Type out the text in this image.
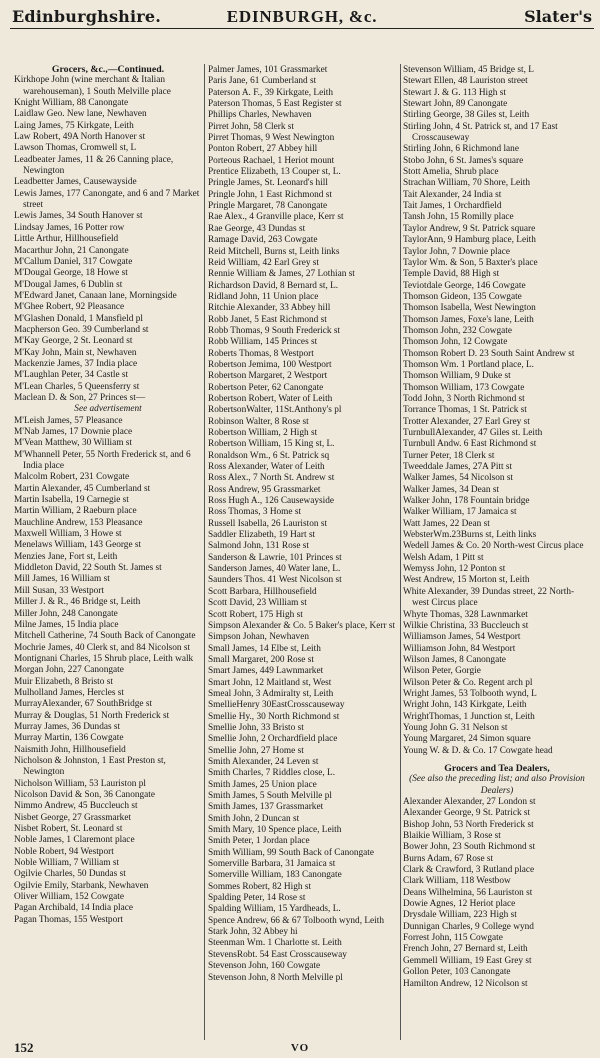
Edinburghshire.	EDINBURGH, &c.	Slater's
Grocers, &c.,—Continued.
Kirkhope John (wine merchant & Italian warehouseman), 1 South Melville place
Knight William, 88 Canongate
Laidlaw Geo. New lane, Newhaven
Laing James, 75 Kirkgate, Leith
Law Robert, 49A North Hanover st
Lawson Thomas, Cromwell st, L
Leadbeater James, 11 & 26 Canning place, Newington
Leadbetter James, Causewayside
Lewis James, 177 Canongate, and 6 and 7 Market street
Lewis James, 34 South Hanover st
Lindsay James, 16 Potter row
Little Arthur, Hillhousefield
Macarthur John, 21 Canongate
M'Callum Daniel, 317 Cowgate
M'Dougal George, 18 Howe st
M'Dougal James, 6 Dublin st
M'Edward Janet, Canaan lane, Morningside
M'Ghee Robert, 92 Pleasance
M'Glashen Donald, 1 Mansfield pl
Macpherson Geo. 39 Cumberland st
M'Kay George, 2 St. Leonard st
M'Kay John, Main st, Newhaven
Mackenzie James, 37 India place
M'Laughlan Peter, 34 Castle st
M'Lean Charles, 5 Queensferry st
Maclean D. & Son, 27 Princes st—
See advertisement
M'Leish James, 57 Pleasance
M'Nab James, 17 Downie place
M'Vean Matthew, 30 William st
M'Whannell Peter, 55 North Frederick st, and 6 India place
Malcolm Robert, 231 Cowgate
Martin Alexander, 45 Cumberland st
Martin Isabella, 19 Carnegie st
Martin William, 2 Raeburn place
Mauchline Andrew, 153 Pleasance
Maxwell William, 3 Howe st
Menelaws William, 143 George st
Menzies Jane, Fort st, Leith
Middleton David, 22 South St. James st
Mill James, 16 William st
Mill Susan, 33 Westport
Miller J. & R., 46 Bridge st, Leith
Miller John, 248 Canongate
Milne James, 15 India place
Mitchell Catherine, 74 South Back of Canongate
Mochrie James, 40 Clerk st, and 84 Nicolson st
Montignani Charles, 15 Shrub place, Leith walk
Morgan John, 227 Canongate
Muir Elizabeth, 8 Bristo st
Mulholland James, Hercles st
MurrayAlexander, 67 SouthBridge st
Murray & Douglas, 51 North Frederick st
Murray James, 36 Dundas st
Murray Martin, 136 Cowgate
Naismith John, Hillhousefield
Nicholson & Johnston, 1 East Preston st, Newington
Nicholson William, 53 Lauriston pl
Nicolson David & Son, 36 Canongate
Nimmo Andrew, 45 Buccleuch st
Nisbet George, 27 Grassmarket
Nisbet Robert, St. Leonard st
Noble James, 1 Claremont place
Noble Robert, 94 Westport
Noble William, 7 William st
Ogilvie Charles, 50 Dundas st
Ogilvie Emily, Starbank, Newhaven
Oliver William, 152 Cowgate
Pagan Archibald, 14 India place
Pagan Thomas, 155 Westport
Palmer James, 101 Grassmarket
Paris Jane, 61 Cumberland st
Paterson A. F., 39 Kirkgate, Leith
Paterson Thomas, 5 East Register st
Phillips Charles, Newhaven
Pirret John, 58 Clerk st
Pirret Thomas, 9 West Newington
Ponton Robert, 27 Abbey hill
Porteous Rachael, 1 Heriot mount
Prentice Elizabeth, 13 Couper st, L.
Pringle James, St. Leonard's hill
Pringle John, 1 East Richmond st
Pringle Margaret, 78 Canongate
Rae Alex., 4 Granville place, Kerr st
Rae George, 43 Dundas st
Ramage David, 263 Cowgate
Reid Mitchell, Burns st, Leith links
Reid William, 42 Earl Grey st
Rennie William & James, 27 Lothian st
Richardson David, 8 Bernard st, L.
Ridland John, 11 Union place
Ritchie Alexander, 33 Abbey hill
Robb Janet, 5 East Richmond st
Robb Thomas, 9 South Frederick st
Robb William, 145 Princes st
Roberts Thomas, 8 Westport
Robertson Jemima, 100 Westport
Robertson Margaret, 2 Westport
Robertson Peter, 62 Canongate
Robertson Robert, Water of Leith
RobertsonWalter, 11St.Anthony's pl
Robinson Walter, 8 Rose st
Robertson William, 2 High st
Robertson William, 15 King st, L.
Ronaldson Wm., 6 St. Patrick sq
Ross Alexander, Water of Leith
Ross Alex., 7 North St. Andrew st
Ross Andrew, 95 Grassmarket
Ross Hugh A., 126 Causewayside
Ross Thomas, 3 Home st
Russell Isabella, 26 Lauriston st
Saddler Elizabeth, 19 Hart st
Salmond John, 131 Rose st
Sanderson & Lawrie, 101 Princes st
Sanderson James, 40 Water lane, L.
Saunders Thos. 41 West Nicolson st
Scott Barbara, Hillhousefield
Scott David, 23 William st
Scott Robert, 175 High st
Simpson Alexander & Co. 5 Baker's place, Kerr st
Simpson Johan, Newhaven
Small James, 14 Elbe st, Leith
Small Margaret, 200 Rose st
Smart James, 449 Lawnmarket
Smart John, 12 Maitland st, West
Smeal John, 3 Admiralty st, Leith
SmellieHenry 30EastCrosscauseway
Smellie Hy., 30 North Richmond st
Smellie John, 33 Bristo st
Smellie John, 2 Orchardfield place
Smellie John, 27 Home st
Smith Alexander, 24 Leven st
Smith Charles, 7 Riddles close, L.
Smith James, 25 Union place
Smith James, 5 South Melville pl
Smith James, 137 Grassmarket
Smith John, 2 Duncan st
Smith Mary, 10 Spence place, Leith
Smith Peter, 1 Jordan place
Smith William, 99 South Back of Canongate
Somerville Barbara, 31 Jamaica st
Somerville William, 183 Canongate
Sommes Robert, 82 High st
Spalding Peter, 14 Rose st
Spalding William, 15 Yardheads, L.
Spence Andrew, 66 & 67 Tolbooth wynd, Leith
Stark John, 32 Abbey hi
Steenman Wm. 1 Charlotte st. Leith
StevensRobt. 54 East Crosscauseway
Stevenson John, 160 Cowgate
Stevenson John, 8 North Melville pl
Stevenson William, 45 Bridge st, L
Stewart Ellen, 48 Lauriston street
Stewart J. & G. 113 High st
Stewart John, 89 Canongate
Stirling George, 38 Giles st, Leith
Stirling John, 4 St. Patrick st, and 17 East Crosscauseway
Stirling John, 6 Richmond lane
Stobo John, 6 St. James's square
Stott Amelia, Shrub place
Strachan William, 70 Shore, Leith
Tait Alexander, 24 India st
Tait James, 1 Orchardfield
Tansh John, 15 Romilly place
Taylor Andrew, 9 St. Patrick square
TaylorAnn, 9 Hamburg place, Leith
Taylor John, 7 Downie place
Taylor Wm. & Son, 5 Baxter's place
Temple David, 88 High st
Teviotdale George, 146 Cowgate
Thomson Gideon, 135 Cowgate
Thomson Isabella, West Newington
Thomson James, Foxe's lane, Leith
Thomson John, 232 Cowgate
Thomson John, 12 Cowgate
Thomson Robert D. 23 South Saint Andrew st
Thomson Wm. 1 Portland place, L.
Thomson William, 9 Duke st
Thomson William, 173 Cowgate
Todd John, 3 North Richmond st
Torrance Thomas, 1 St. Patrick st
Trotter Alexander, 27 Earl Grey st
TurnbullAlexander, 47 Giles st. Leith
Turnbull Andw. 6 East Richmond st
Turner Peter, 18 Clerk st
Tweeddale James, 27A Pitt st
Walker James, 54 Nicolson st
Walker James, 34 Dean st
Walker John, 178 Fountain bridge
Walker William, 17 Jamaica st
Watt James, 22 Dean st
WebsterWm.23Burns st, Leith links
Wedell James & Co. 20 North-west Circus place
Welsh Adam, 1 Pitt st
Wemyss John, 12 Ponton st
West Andrew, 15 Morton st, Leith
White Alexander, 39 Dundas street, 22 North-west Circus place
Whyte Thomas, 328 Lawnmarket
Wilkie Christina, 33 Buccleuch st
Williamson James, 54 Westport
Williamson John, 84 Westport
Wilson James, 8 Canongate
Wilson Peter, Gorgie
Wilson Peter & Co. Regent arch pl
Wright James, 53 Tolbooth wynd, L
Wright John, 143 Kirkgate, Leith
WrightThomas, 1 Junction st, Leith
Young John G. 31 Nelson st
Young Margaret, 24 Simon square
Young W. & D. & Co. 17 Cowgate head
Grocers and Tea Dealers,
(See also the preceding list; and also Provision Dealers)
Alexander Alexander, 27 London st
Alexander George, 9 St. Patrick st
Bishop John, 53 North Frederick st
Blaikie William, 3 Rose st
Bower John, 23 South Richmond st
Burns Adam, 67 Rose st
Clark & Crawford, 3 Rutland place
Clark William, 118 Westbow
Deans Wilhelmina, 56 Lauriston st
Dowie Agnes, 12 Heriot place
Drysdale William, 223 High st
Dunnigan Charles, 9 College wynd
Forrest John, 115 Cowgate
French John, 27 Bernard st, Leith
Gemmell William, 19 East Grey st
Gollon Peter, 103 Canongate
Hamilton Andrew, 12 Nicolson st
152	VO
